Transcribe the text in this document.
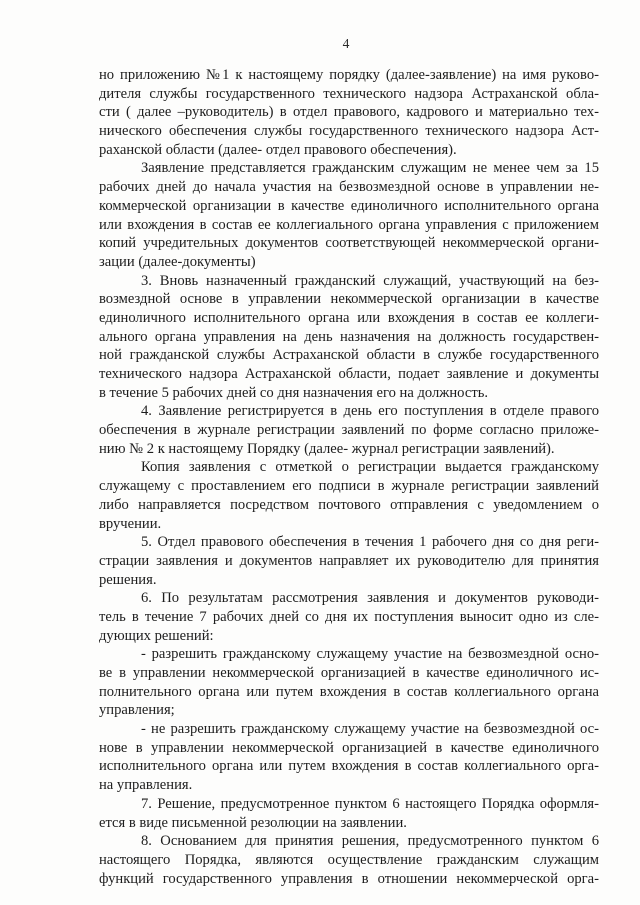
4
но приложению №1 к настоящему порядку (далее-заявление) на имя руково-
дителя службы государственного технического надзора Астраханской обла-
сти ( далее –руководитель) в отдел правового, кадрового и материально тех-
нического обеспечения службы государственного технического надзора Аст-
раханской области (далее- отдел правового обеспечения).
Заявление представляется гражданским служащим не менее чем за 15
рабочих дней до начала участия на безвозмездной основе в управлении не-
коммерческой организации в качестве единоличного исполнительного органа
или вхождения в состав ее коллегиального органа управления с приложением
копий учредительных документов соответствующей некоммерческой органи-
зации (далее-документы)
3. Вновь назначенный гражданский служащий, участвующий на без-
возмездной основе в управлении некоммерческой организации в качестве
единоличного исполнительного органа или вхождения в состав ее коллеги-
ального органа управления на день назначения на должность государствен-
ной гражданской службы Астраханской области в службе государственного
технического надзора Астраханской области, подает заявление и документы
в течение 5 рабочих дней со дня назначения его на должность.
4. Заявление регистрируется в день его поступления в отделе правого
обеспечения в журнале регистрации заявлений по форме согласно приложе-
нию № 2 к настоящему Порядку (далее- журнал регистрации заявлений).
Копия заявления с отметкой о регистрации выдается гражданскому
служащему с проставлением его подписи в журнале регистрации заявлений
либо направляется посредством почтового отправления с уведомлением о
вручении.
5. Отдел правового обеспечения в течения 1 рабочего дня со дня реги-
страции заявления и документов направляет их руководителю для принятия
решения.
6. По результатам рассмотрения заявления и документов руководи-
тель в течение 7 рабочих дней со дня их поступления выносит одно из сле-
дующих решений:
- разрешить гражданскому служащему участие на безвозмездной осно-
ве в управлении некоммерческой организацией в качестве единоличного ис-
полнительного органа или путем вхождения в состав коллегиального органа
управления;
- не разрешить гражданскому служащему участие на безвозмездной ос-
нове в управлении некоммерческой организацией в качестве единоличного
исполнительного органа или путем вхождения в состав коллегиального орга-
на управления.
7. Решение, предусмотренное пунктом 6 настоящего Порядка оформля-
ется в виде письменной резолюции на заявлении.
8. Основанием для принятия решения, предусмотренного пунктом 6
настоящего Порядка, являются осуществление гражданским служащим
функций государственного управления в отношении некоммерческой орга-
